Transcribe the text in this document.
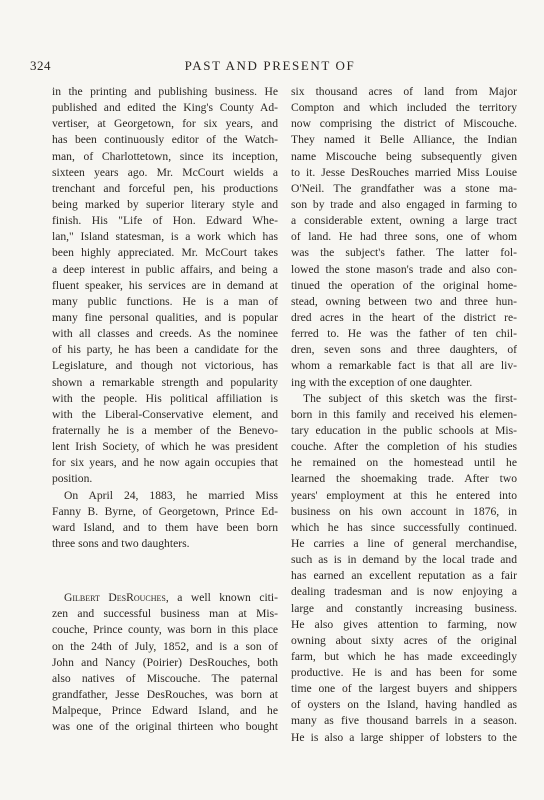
324	PAST AND PRESENT OF
in the printing and publishing business. He
published and edited the King's County Ad-
vertiser, at Georgetown, for six years, and
has been continuously editor of the Watch-
man, of Charlottetown, since its inception,
sixteen years ago. Mr. McCourt wields a
trenchant and forceful pen, his productions
being marked by superior literary style and
finish. His "Life of Hon. Edward Whe-
lan," Island statesman, is a work which has
been highly appreciated. Mr. McCourt takes
a deep interest in public affairs, and being a
fluent speaker, his services are in demand at
many public functions. He is a man of
many fine personal qualities, and is popular
with all classes and creeds. As the nominee
of his party, he has been a candidate for the
Legislature, and though not victorious, has
shown a remarkable strength and popularity
with the people. His political affiliation is
with the Liberal-Conservative element, and
fraternally he is a member of the Benevo-
lent Irish Society, of which he was president
for six years, and he now again occupies that
position.
On April 24, 1883, he married Miss
Fanny B. Byrne, of Georgetown, Prince Ed-
ward Island, and to them have been born
three sons and two daughters.
Gilbert DesRouches, a well known citi-
zen and successful business man at Mis-
couche, Prince county, was born in this place
on the 24th of July, 1852, and is a son of
John and Nancy (Poirier) DesRouches, both
also natives of Miscouche. The paternal
grandfather, Jesse DesRouches, was born at
Malpeque, Prince Edward Island, and he
was one of the original thirteen who bought
six thousand acres of land from Major
Compton and which included the territory
now comprising the district of Miscouche.
They named it Belle Alliance, the Indian
name Miscouche being subsequently given
to it. Jesse DesRouches married Miss Louise
O'Neil. The grandfather was a stone ma-
son by trade and also engaged in farming to
a considerable extent, owning a large tract
of land. He had three sons, one of whom
was the subject's father. The latter fol-
lowed the stone mason's trade and also con-
tinued the operation of the original home-
stead, owning between two and three hun-
dred acres in the heart of the district re-
ferred to. He was the father of ten chil-
dren, seven sons and three daughters, of
whom a remarkable fact is that all are liv-
ing with the exception of one daughter.
The subject of this sketch was the first-
born in this family and received his elemen-
tary education in the public schools at Mis-
couche. After the completion of his studies
he remained on the homestead until he
learned the shoemaking trade. After two
years' employment at this he entered into
business on his own account in 1876, in
which he has since successfully continued.
He carries a line of general merchandise,
such as is in demand by the local trade and
has earned an excellent reputation as a fair
dealing tradesman and is now enjoying a
large and constantly increasing business.
He also gives attention to farming, now
owning about sixty acres of the original
farm, but which he has made exceedingly
productive. He is and has been for some
time one of the largest buyers and shippers
of oysters on the Island, having handled as
many as five thousand barrels in a season.
He is also a large shipper of lobsters to the
